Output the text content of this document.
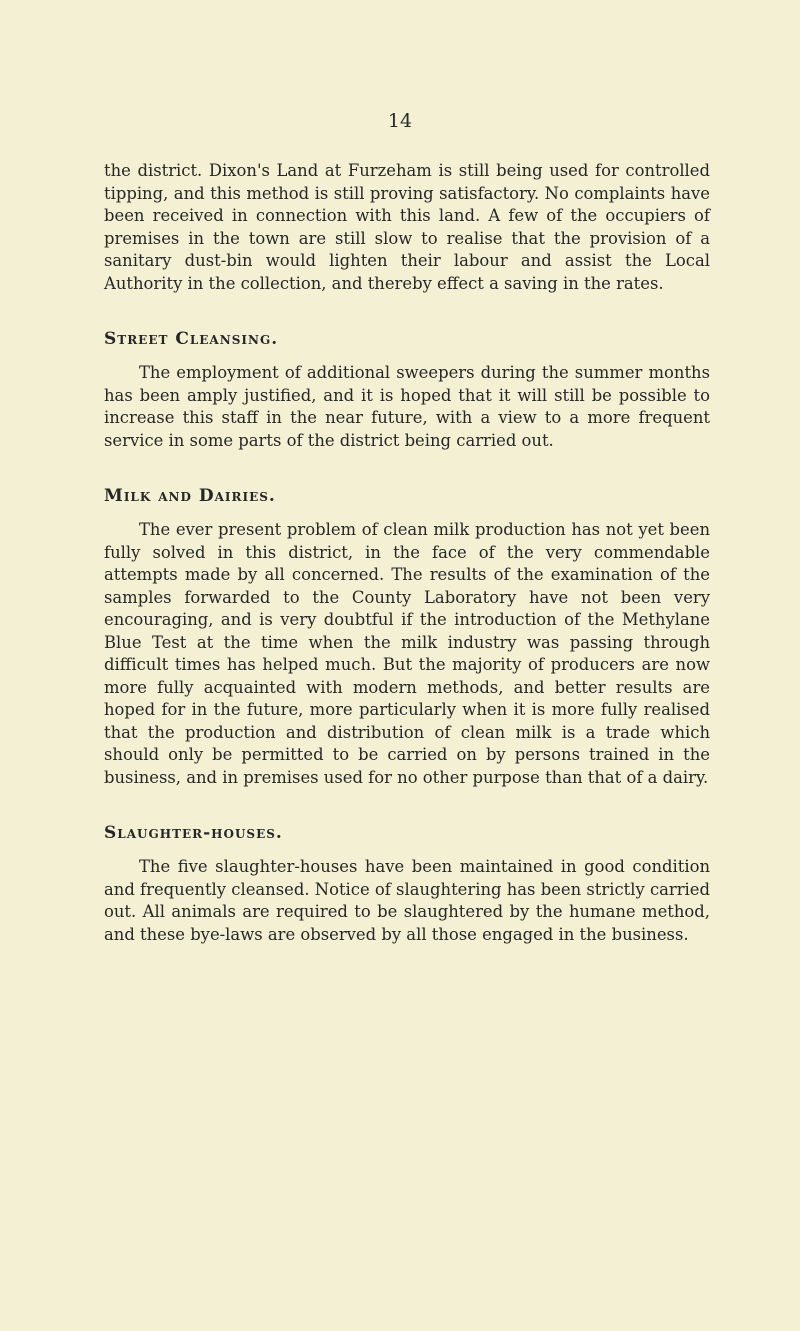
14

the district. Dixon's Land at Furzeham is still being used for controlled tipping, and this method is still proving satisfactory. No complaints have been received in connection with this land. A few of the occupiers of premises in the town are still slow to realise that the provision of a sanitary dust-bin would lighten their labour and assist the Local Authority in the collection, and thereby effect a saving in the rates.

Street Cleansing.

The employment of additional sweepers during the summer months has been amply justified, and it is hoped that it will still be possible to increase this staff in the near future, with a view to a more frequent service in some parts of the district being carried out.

Milk and Dairies.

The ever present problem of clean milk production has not yet been fully solved in this district, in the face of the very commendable attempts made by all concerned. The results of the examination of the samples forwarded to the County Laboratory have not been very encouraging, and is very doubtful if the introduction of the Methylane Blue Test at the time when the milk industry was passing through difficult times has helped much. But the majority of producers are now more fully acquainted with modern methods, and better results are hoped for in the future, more particularly when it is more fully realised that the production and distribution of clean milk is a trade which should only be permitted to be carried on by persons trained in the business, and in premises used for no other purpose than that of a dairy.

Slaughter-houses.

The five slaughter-houses have been maintained in good condition and frequently cleansed. Notice of slaughtering has been strictly carried out. All animals are required to be slaughtered by the humane method, and these bye-laws are observed by all those engaged in the business.
